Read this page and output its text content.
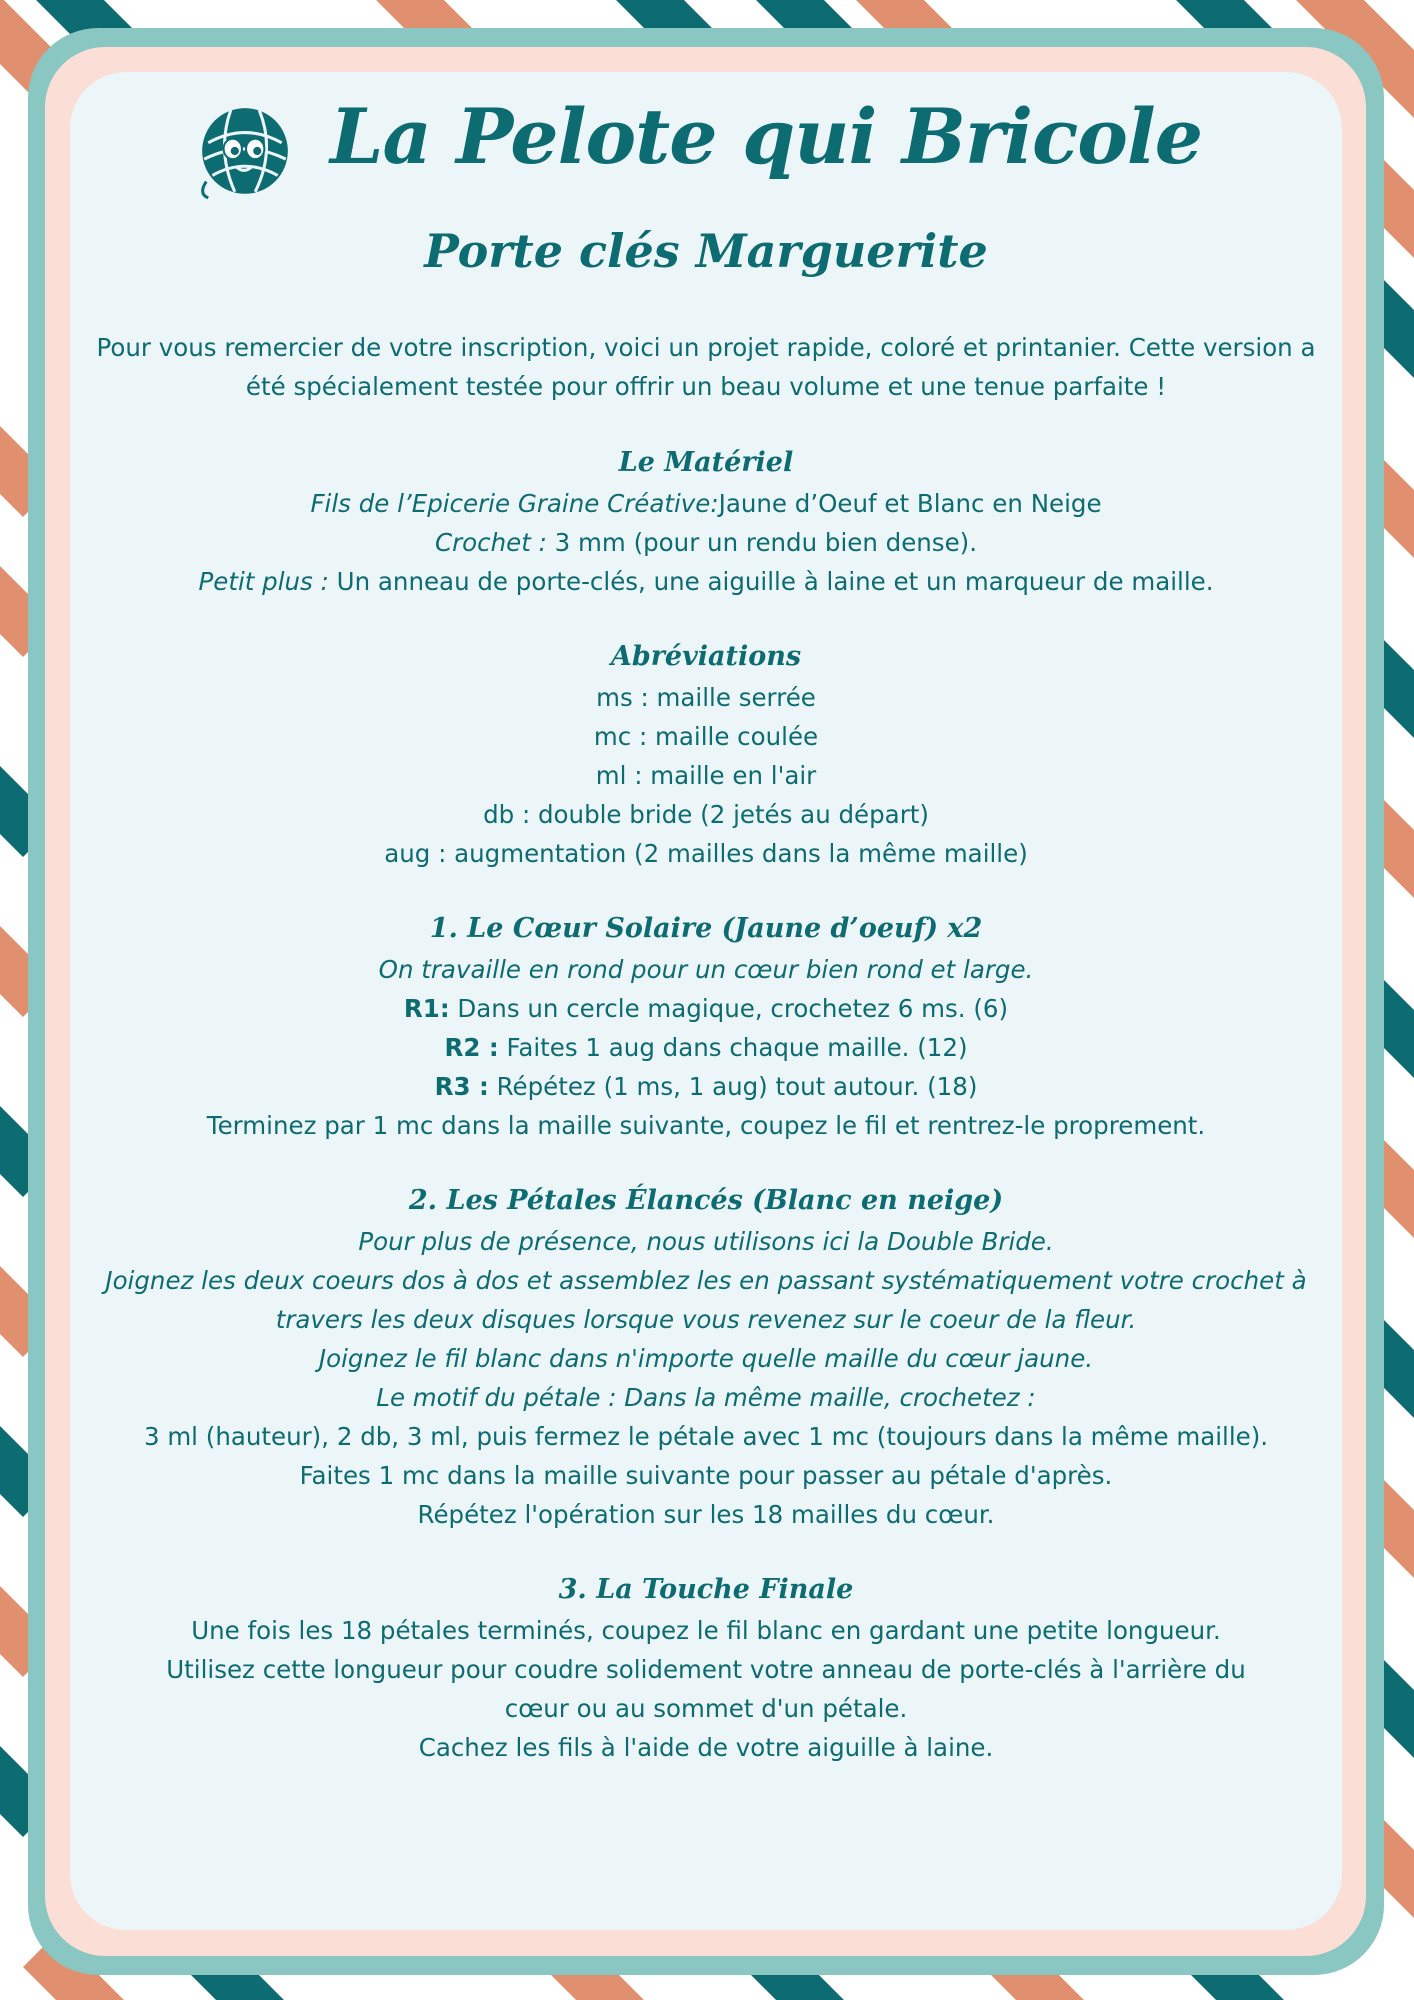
La Pelote qui Bricole
Porte clés Marguerite
Pour vous remercier de votre inscription, voici un projet rapide, coloré et printanier. Cette version a été spécialement testée pour offrir un beau volume et une tenue parfaite !
Le Matériel
Fils de l’Epicerie Graine Créative:Jaune d’Oeuf et Blanc en Neige
Crochet : 3 mm (pour un rendu bien dense).
Petit plus : Un anneau de porte-clés, une aiguille à laine et un marqueur de maille.
Abréviations
ms : maille serrée
mc : maille coulée
ml : maille en l'air
db : double bride (2 jetés au départ)
aug : augmentation (2 mailles dans la même maille)
1. Le Cœur Solaire (Jaune d’oeuf) x2
On travaille en rond pour un cœur bien rond et large.
R1: Dans un cercle magique, crochetez 6 ms. (6)
R2 : Faites 1 aug dans chaque maille. (12)
R3 : Répétez (1 ms, 1 aug) tout autour. (18)
Terminez par 1 mc dans la maille suivante, coupez le fil et rentrez-le proprement.
2. Les Pétales Élancés (Blanc en neige)
Pour plus de présence, nous utilisons ici la Double Bride.
Joignez les deux coeurs dos à dos et assemblez les en passant systématiquement votre crochet à
travers les deux disques lorsque vous revenez sur le coeur de la fleur.
Joignez le fil blanc dans n'importe quelle maille du cœur jaune.
Le motif du pétale : Dans la même maille, crochetez :
3 ml (hauteur), 2 db, 3 ml, puis fermez le pétale avec 1 mc (toujours dans la même maille).
Faites 1 mc dans la maille suivante pour passer au pétale d'après.
Répétez l'opération sur les 18 mailles du cœur.
3. La Touche Finale
Une fois les 18 pétales terminés, coupez le fil blanc en gardant une petite longueur.
Utilisez cette longueur pour coudre solidement votre anneau de porte-clés à l'arrière du
cœur ou au sommet d'un pétale.
Cachez les fils à l'aide de votre aiguille à laine.
